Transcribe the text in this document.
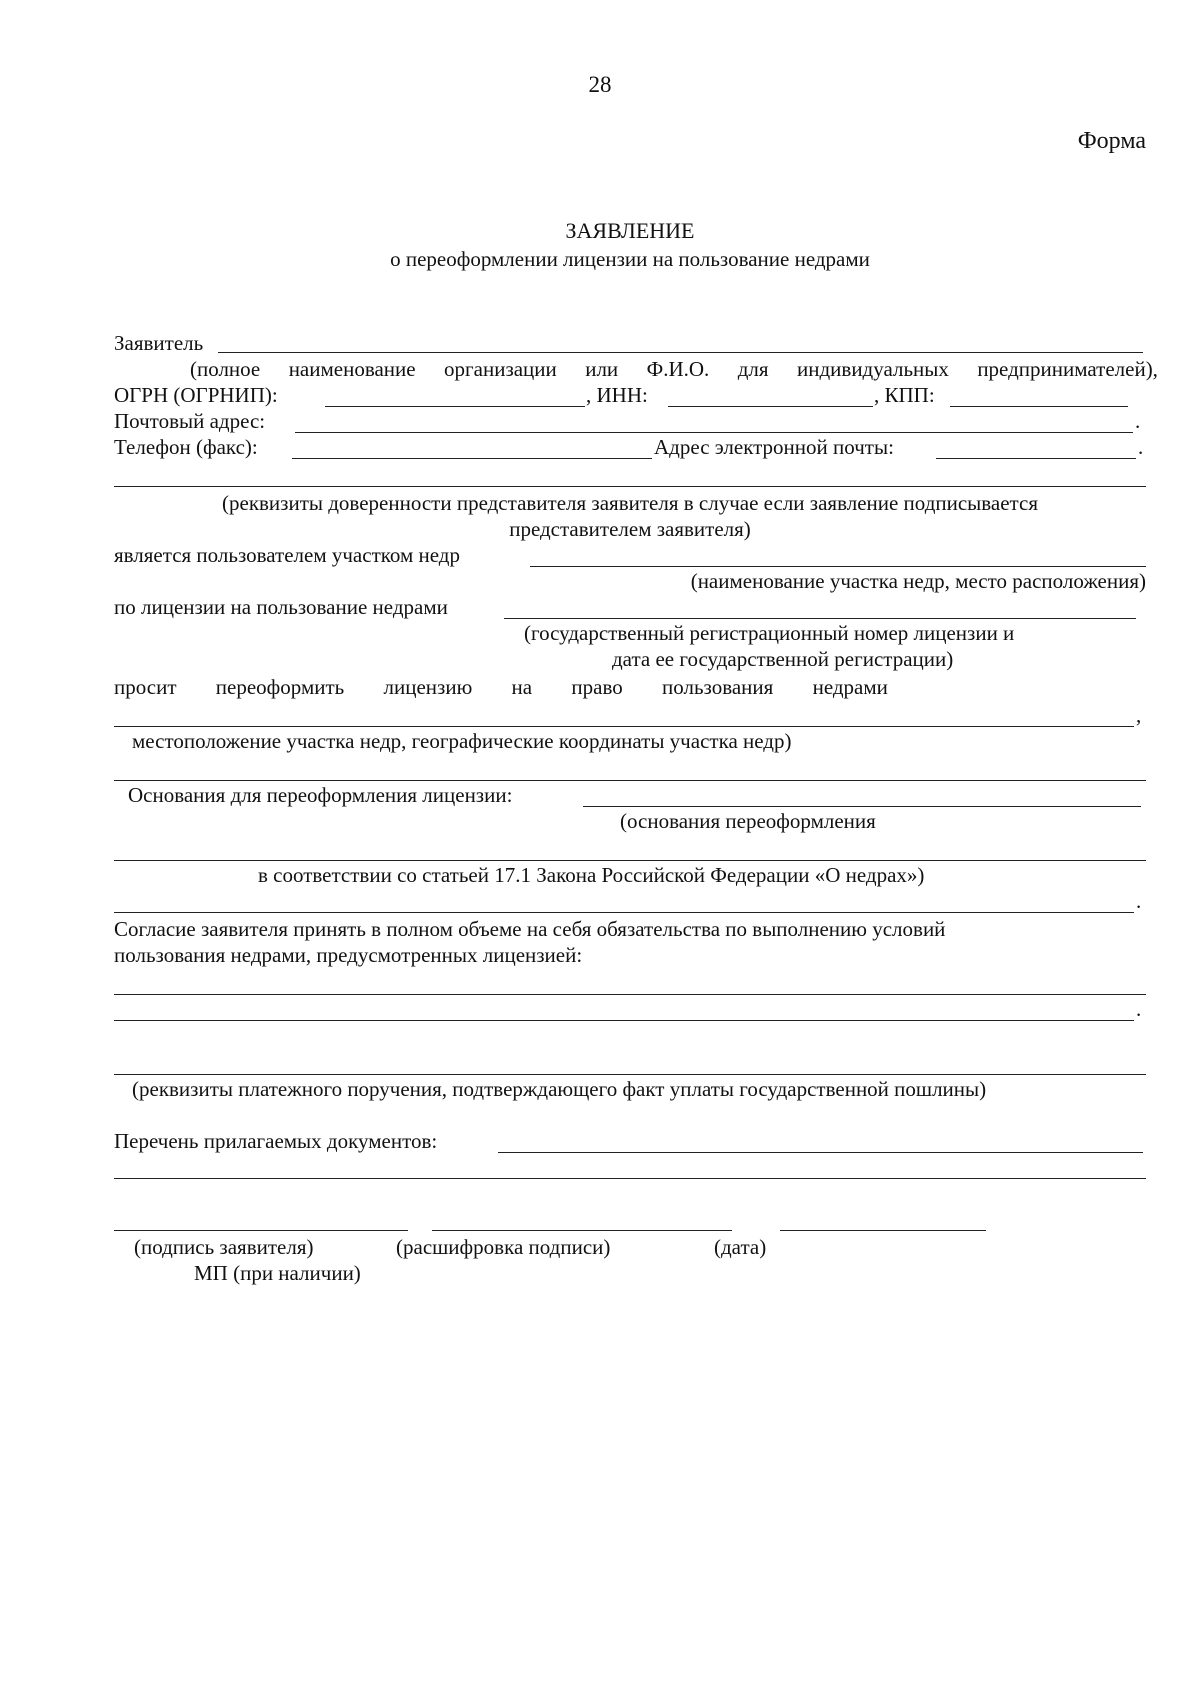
28
Форма
ЗАЯВЛЕНИЕ
о переоформлении лицензии на пользование недрами
Заявитель
(полное наименование организации или Ф.И.О. для индивидуальных предпринимателей),
ОГРН (ОГРНИП):	, ИНН:	, КПП:
Почтовый адрес:	.
Телефон (факс):	Адрес электронной почты:	.
(реквизиты доверенности представителя заявителя в случае если заявление подписывается
представителем заявителя)
является пользователем участком недр
(наименование участка недр, место расположения)
по лицензии на пользование недрами
(государственный регистрационный номер лицензии и
дата ее государственной регистрации)
просит переоформить лицензию на право пользования недрами
,
местоположение участка недр, географические координаты участка недр)
Основания для переоформления лицензии:
(основания переоформления
в соответствии со статьей 17.1 Закона Российской Федерации «О недрах»)
.
Согласие заявителя принять в полном объеме на себя обязательства по выполнению условий
пользования недрами, предусмотренных лицензией:
.
(реквизиты платежного поручения, подтверждающего факт уплаты государственной пошлины)
Перечень прилагаемых документов:
(подпись заявителя)	(расшифровка подписи)	(дата)
МП (при наличии)
